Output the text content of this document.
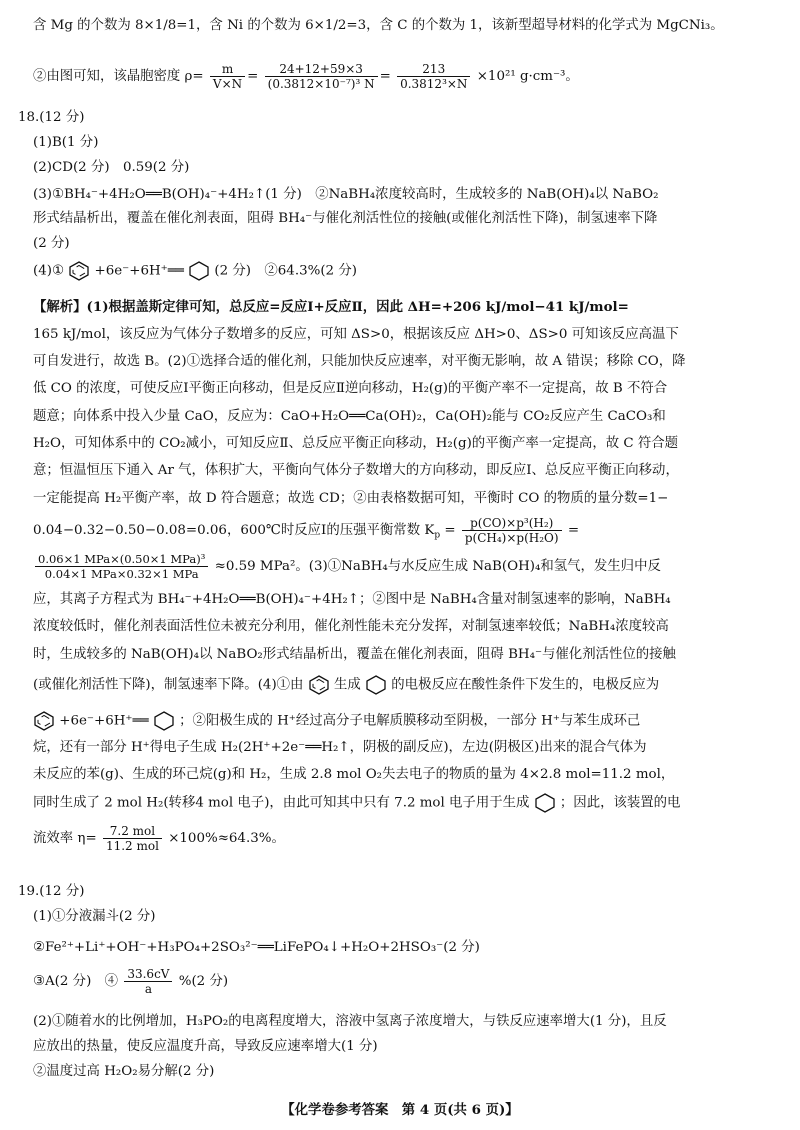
含 Mg 的个数为 8×1/8=1，含 Ni 的个数为 6×1/2=3，含 C 的个数为 1，该新型超导材料的化学式为 MgCNi₃。
②由图可知，该晶胞密度 $\rho= \frac{m}{V\times N} = \frac{24+12+59\times 3}{\text{(0.3812×10⁻⁷)³ N}} = \frac{213}{\text{0.3812³×N}} \times 10^{21}$ g·cm⁻³。
18.(12 分)
(1)B(1 分)
(2)CD(2 分)　0.59(2 分)
(3)①BH₄⁻+4H₂O══B(OH)₄⁻+4H₂↑(1 分)　②NaBH₄浓度较高时，生成较多的 NaB(OH)₄以 NaBO₂
形式结晶析出，覆盖在催化剂表面，阻碍 BH₄⁻与催化剂活性位的接触(或催化剂活性下降)，制氢速率下降
(2 分)
(4)① +6e⁻+6H⁺══ (2 分)　②64.3%(2 分)
【解析】(1)根据盖斯定律可知，总反应=反应Ⅰ+反应Ⅱ，因此 ΔH=+206 kJ/mol−41 kJ/mol=
165 kJ/mol，该反应为气体分子数增多的反应，可知 ΔS>0，根据该反应 ΔH>0、ΔS>0 可知该反应高温下
可自发进行，故选 B。(2)①选择合适的催化剂，只能加快反应速率，对平衡无影响，故 A 错误；移除 CO，降
低 CO 的浓度，可使反应Ⅰ平衡正向移动，但是反应Ⅱ逆向移动，H₂(g)的平衡产率不一定提高，故 B 不符合
题意；向体系中投入少量 CaO，反应为：CaO+H₂O══Ca(OH)₂，Ca(OH)₂能与 CO₂反应产生 CaCO₃和
H₂O，可知体系中的 CO₂减小，可知反应Ⅱ、总反应平衡正向移动，H₂(g)的平衡产率一定提高，故 C 符合题
意；恒温恒压下通入 Ar 气，体积扩大，平衡向气体分子数增大的方向移动，即反应Ⅰ、总反应平衡正向移动，
一定能提高 H₂平衡产率，故 D 符合题意；故选 CD；②由表格数据可知，平衡时 CO 的物质的量分数=1−
0.04−0.32−0.50−0.08=0.06，600℃时反应Ⅰ的压强平衡常数 $K_p = \frac{\text{p(CO)×p³(H₂)}}{\text{p(CH₄)×p(H₂O)}}$ =
$\frac{\text{0.06×1 MPa×(0.50×1 MPa)³}}{\text{0.04×1 MPa×0.32×1 MPa}} \approx 0.59$ MPa²。(3)①NaBH₄与水反应生成 NaB(OH)₄和氢气，发生归中反
应，其离子方程式为 BH₄⁻+4H₂O══B(OH)₄⁻+4H₂↑；②图中是 NaBH₄含量对制氢速率的影响，NaBH₄
浓度较低时，催化剂表面活性位未被充分利用，催化剂性能未充分发挥，对制氢速率较低；NaBH₄浓度较高
时，生成较多的 NaB(OH)₄以 NaBO₂形式结晶析出，覆盖在催化剂表面，阻碍 BH₄⁻与催化剂活性位的接触
(或催化剂活性下降)，制氢速率下降。(4)①由 生成 的电极反应在酸性条件下发生的，电极反应为
+6e⁻+6H⁺══ ；②阳极生成的 H⁺经过高分子电解质膜移动至阴极，一部分 H⁺与苯生成环己
烷，还有一部分 H⁺得电子生成 H₂(2H⁺+2e⁻══H₂↑，阴极的副反应)，左边(阴极区)出来的混合气体为
未反应的苯(g)、生成的环己烷(g)和 H₂，生成 2.8 mol O₂失去电子的物质的量为 4×2.8 mol=11.2 mol，
同时生成了 2 mol H₂(转移4 mol 电子)，由此可知其中只有 7.2 mol 电子用于生成 ；因此，该装置的电
流效率 $\eta= \frac{\text{7.2 mol}}{\text{11.2 mol}} \times 100\%\approx 64.3\%$。
19.(12 分)
(1)①分液漏斗(2 分)
②Fe²⁺+Li⁺+OH⁻+H₃PO₄+2SO₃²⁻══LiFePO₄↓+H₂O+2HSO₃⁻(2 分)
③A(2 分)　④ $\frac{33.6cV}{a} \%(2$ 分)
(2)①随着水的比例增加，H₃PO₂的电离程度增大，溶液中氢离子浓度增大，与铁反应速率增大(1 分)，且反
应放出的热量，使反应温度升高，导致反应速率增大(1 分)
②温度过高 H₂O₂易分解(2 分)
【化学卷参考答案　第 4 页(共 6 页)】
